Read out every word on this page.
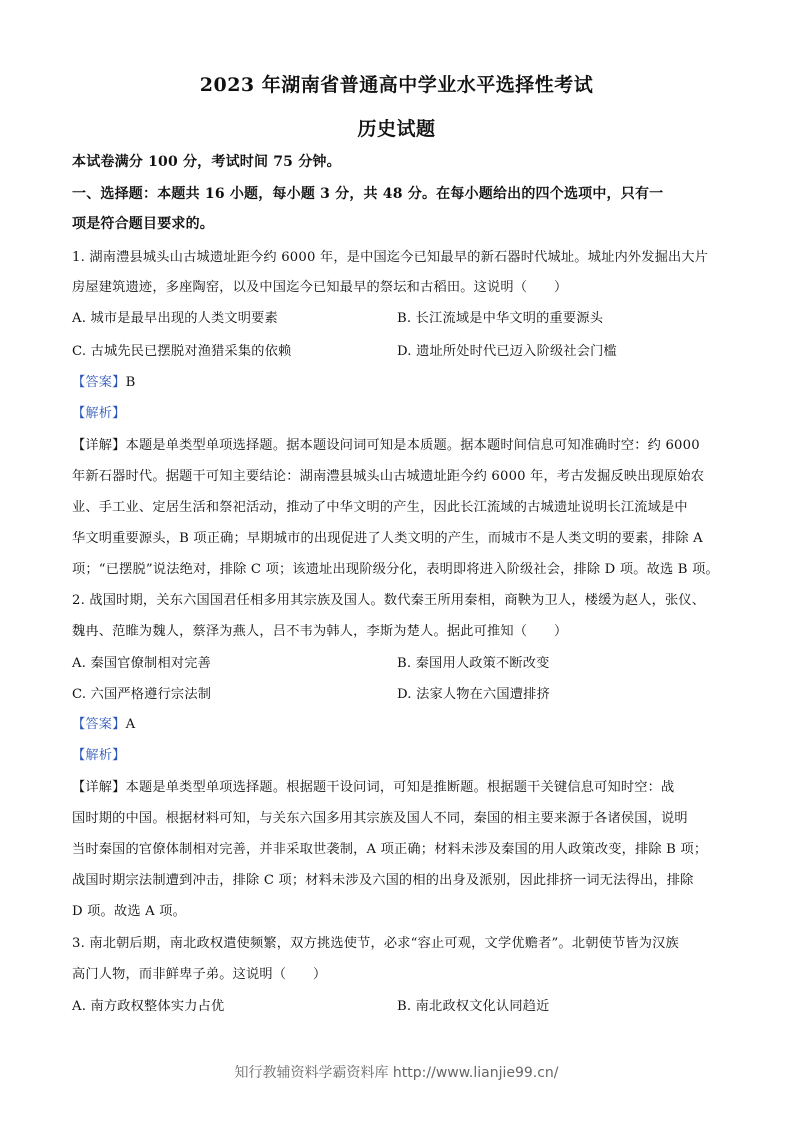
2023 年湖南省普通高中学业水平选择性考试
历史试题
本试卷满分 100 分，考试时间 75 分钟。
一、选择题：本题共 16 小题，每小题 3 分，共 48 分。在每小题给出的四个选项中，只有一
项是符合题目要求的。
1. 湖南澧县城头山古城遗址距今约 6000 年，是中国迄今已知最早的新石器时代城址。城址内外发掘出大片
房屋建筑遗迹，多座陶窑，以及中国迄今已知最早的祭坛和古稻田。这说明（　　）
A. 城市是最早出现的人类文明要素	B. 长江流域是中华文明的重要源头
C. 古城先民已摆脱对渔猎采集的依赖	D. 遗址所处时代已迈入阶级社会门槛
【答案】B
【解析】
【详解】本题是单类型单项选择题。据本题设问词可知是本质题。据本题时间信息可知准确时空：约 6000
年新石器时代。据题干可知主要结论：湖南澧县城头山古城遗址距今约 6000 年，考古发掘反映出现原始农
业、手工业、定居生活和祭祀活动，推动了中华文明的产生，因此长江流域的古城遗址说明长江流域是中
华文明重要源头，B 项正确；早期城市的出现促进了人类文明的产生，而城市不是人类文明的要素，排除 A
项；“已摆脱”说法绝对，排除 C 项；该遗址出现阶级分化，表明即将进入阶级社会，排除 D 项。故选 B 项。
2. 战国时期，关东六国国君任相多用其宗族及国人。数代秦王所用秦相，商鞅为卫人，楼缓为赵人，张仪、
魏冉、范睢为魏人，蔡泽为燕人，吕不韦为韩人，李斯为楚人。据此可推知（　　）
A. 秦国官僚制相对完善	B. 秦国用人政策不断改变
C. 六国严格遵行宗法制	D. 法家人物在六国遭排挤
【答案】A
【解析】
【详解】本题是单类型单项选择题。根据题干设问词，可知是推断题。根据题干关键信息可知时空：战
国时期的中国。根据材料可知，与关东六国多用其宗族及国人不同，秦国的相主要来源于各诸侯国，说明
当时秦国的官僚体制相对完善，并非采取世袭制，A 项正确；材料未涉及秦国的用人政策改变，排除 B 项；
战国时期宗法制遭到冲击，排除 C 项；材料未涉及六国的相的出身及派别，因此排挤一词无法得出，排除
D 项。故选 A 项。
3. 南北朝后期，南北政权遣使频繁，双方挑选使节，必求“容止可观，文学优赡者”。北朝使节皆为汉族
高门人物，而非鲜卑子弟。这说明（　　）
A. 南方政权整体实力占优	B. 南北政权文化认同趋近
知行教辅资料学霸资料库 http://www.lianjie99.cn/
